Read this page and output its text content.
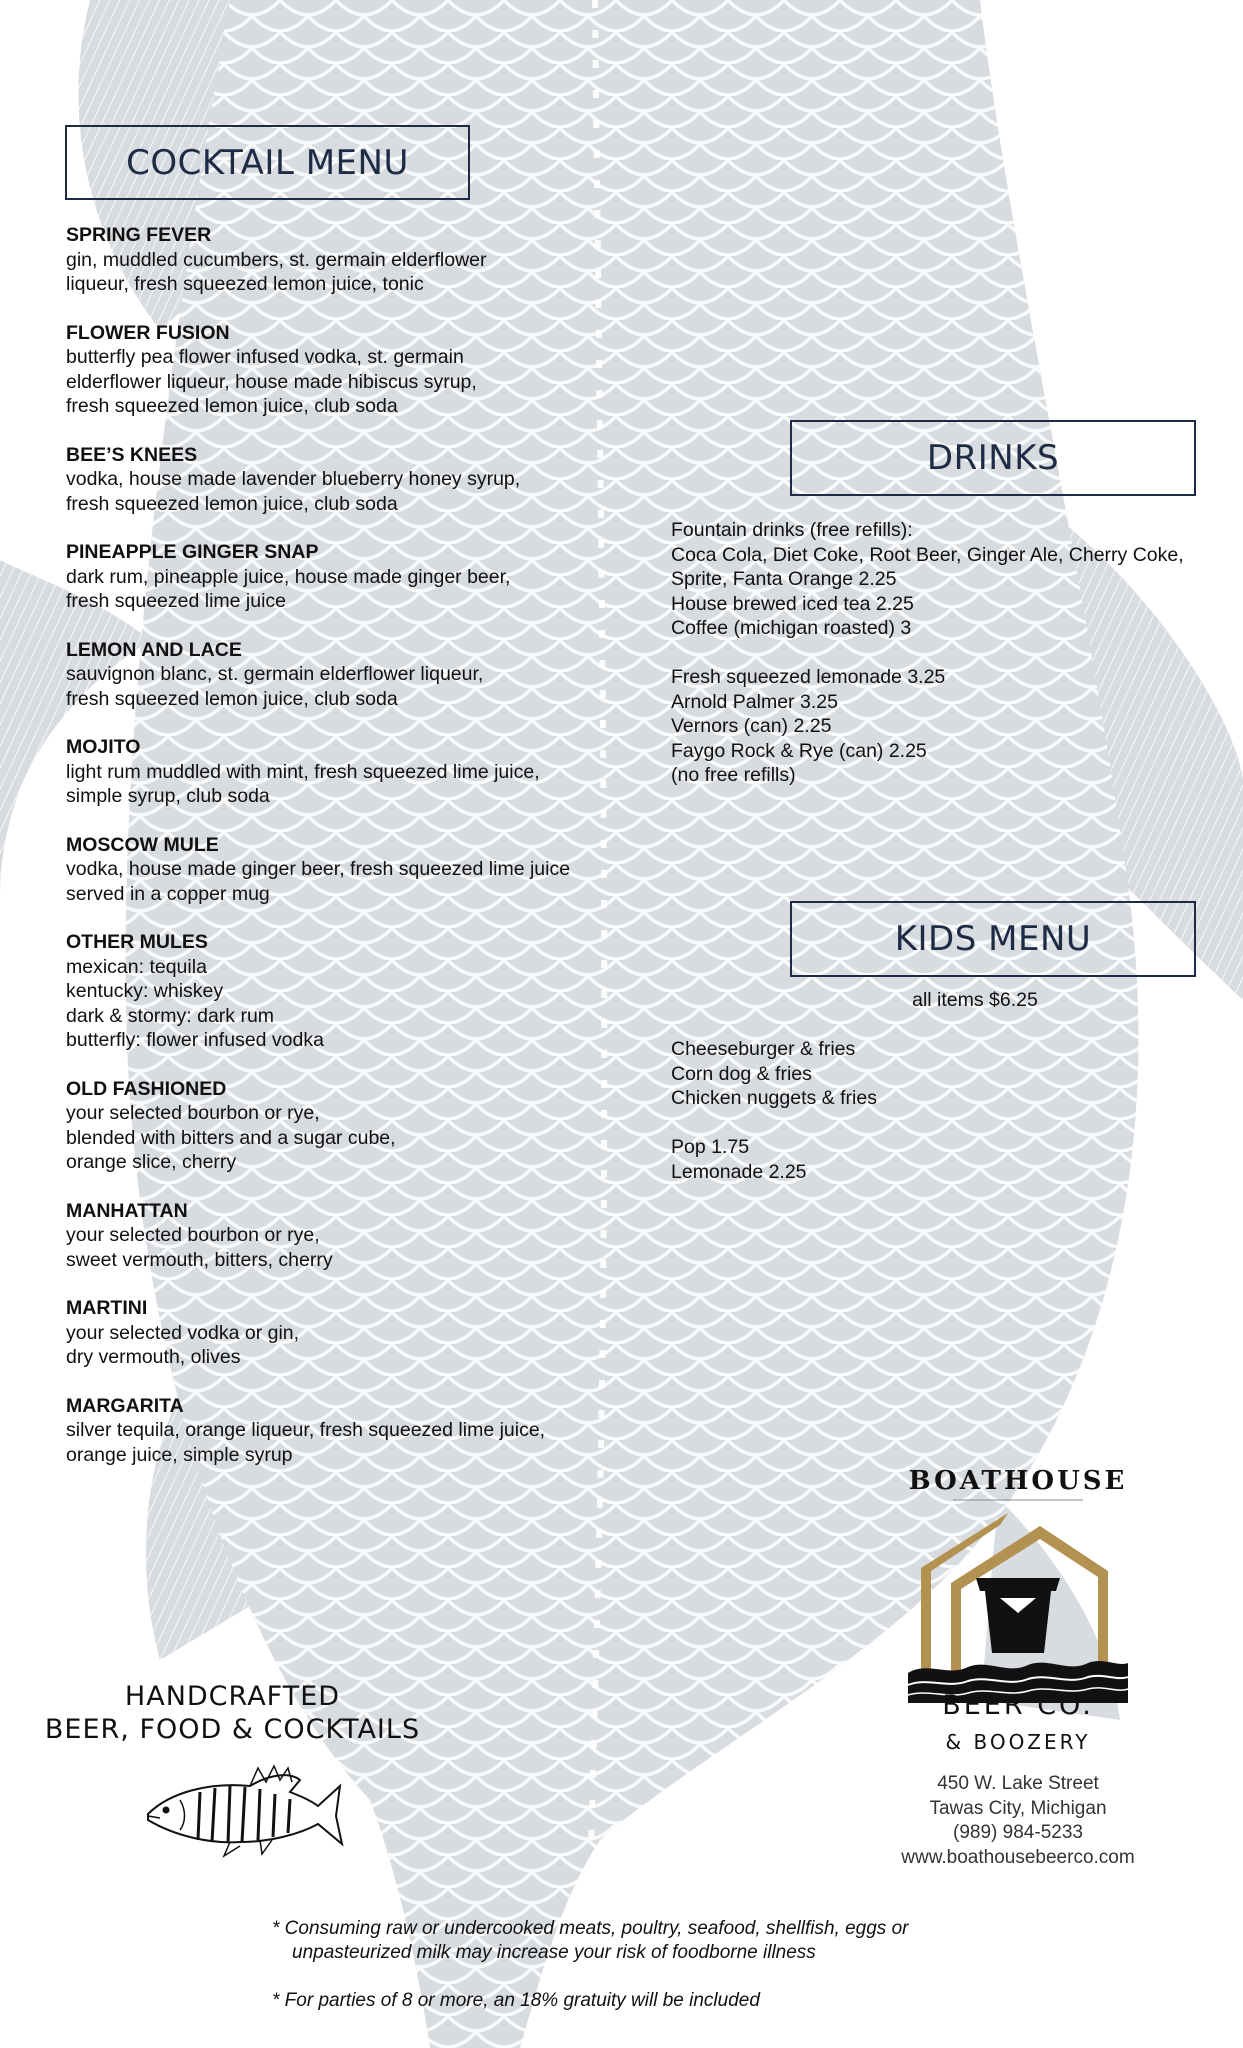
COCKTAIL MENU
SPRING FEVER
gin, muddled cucumbers, st. germain elderflower
liqueur, fresh squeezed lemon juice, tonic
FLOWER FUSION
butterfly pea flower infused vodka, st. germain
elderflower liqueur, house made hibiscus syrup,
fresh squeezed lemon juice, club soda
BEE’S KNEES
vodka, house made lavender blueberry honey syrup,
fresh squeezed lemon juice, club soda
PINEAPPLE GINGER SNAP
dark rum, pineapple juice, house made ginger beer,
fresh squeezed lime juice
LEMON AND LACE
sauvignon blanc, st. germain elderflower liqueur,
fresh squeezed lemon juice, club soda
MOJITO
light rum muddled with mint, fresh squeezed lime juice,
simple syrup, club soda
MOSCOW MULE
vodka, house made ginger beer, fresh squeezed lime juice
served in a copper mug
OTHER MULES
mexican: tequila
kentucky: whiskey
dark & stormy: dark rum
butterfly: flower infused vodka
OLD FASHIONED
your selected bourbon or rye,
blended with bitters and a sugar cube,
orange slice, cherry
MANHATTAN
your selected bourbon or rye,
sweet vermouth, bitters, cherry
MARTINI
your selected vodka or gin,
dry vermouth, olives
MARGARITA
silver tequila, orange liqueur, fresh squeezed lime juice,
orange juice, simple syrup
DRINKS
Fountain drinks (free refills):
Coca Cola, Diet Coke, Root Beer, Ginger Ale, Cherry Coke,
Sprite, Fanta Orange 2.25
House brewed iced tea 2.25
Coffee (michigan roasted) 3
Fresh squeezed lemonade 3.25
Arnold Palmer 3.25
Vernors (can) 2.25
Faygo Rock & Rye (can) 2.25
(no free refills)
KIDS MENU
all items $6.25
Cheeseburger & fries
Corn dog & fries
Chicken nuggets & fries
Pop 1.75
Lemonade 2.25
HANDCRAFTED
BEER, FOOD & COCKTAILS
BOATHOUSE
BEER CO.
& BOOZERY
450 W. Lake Street
Tawas City, Michigan
(989) 984-5233
www.boathousebeerco.com
* Consuming raw or undercooked meats, poultry, seafood, shellfish, eggs or
unpasteurized milk may increase your risk of foodborne illness
* For parties of 8 or more, an 18% gratuity will be included
